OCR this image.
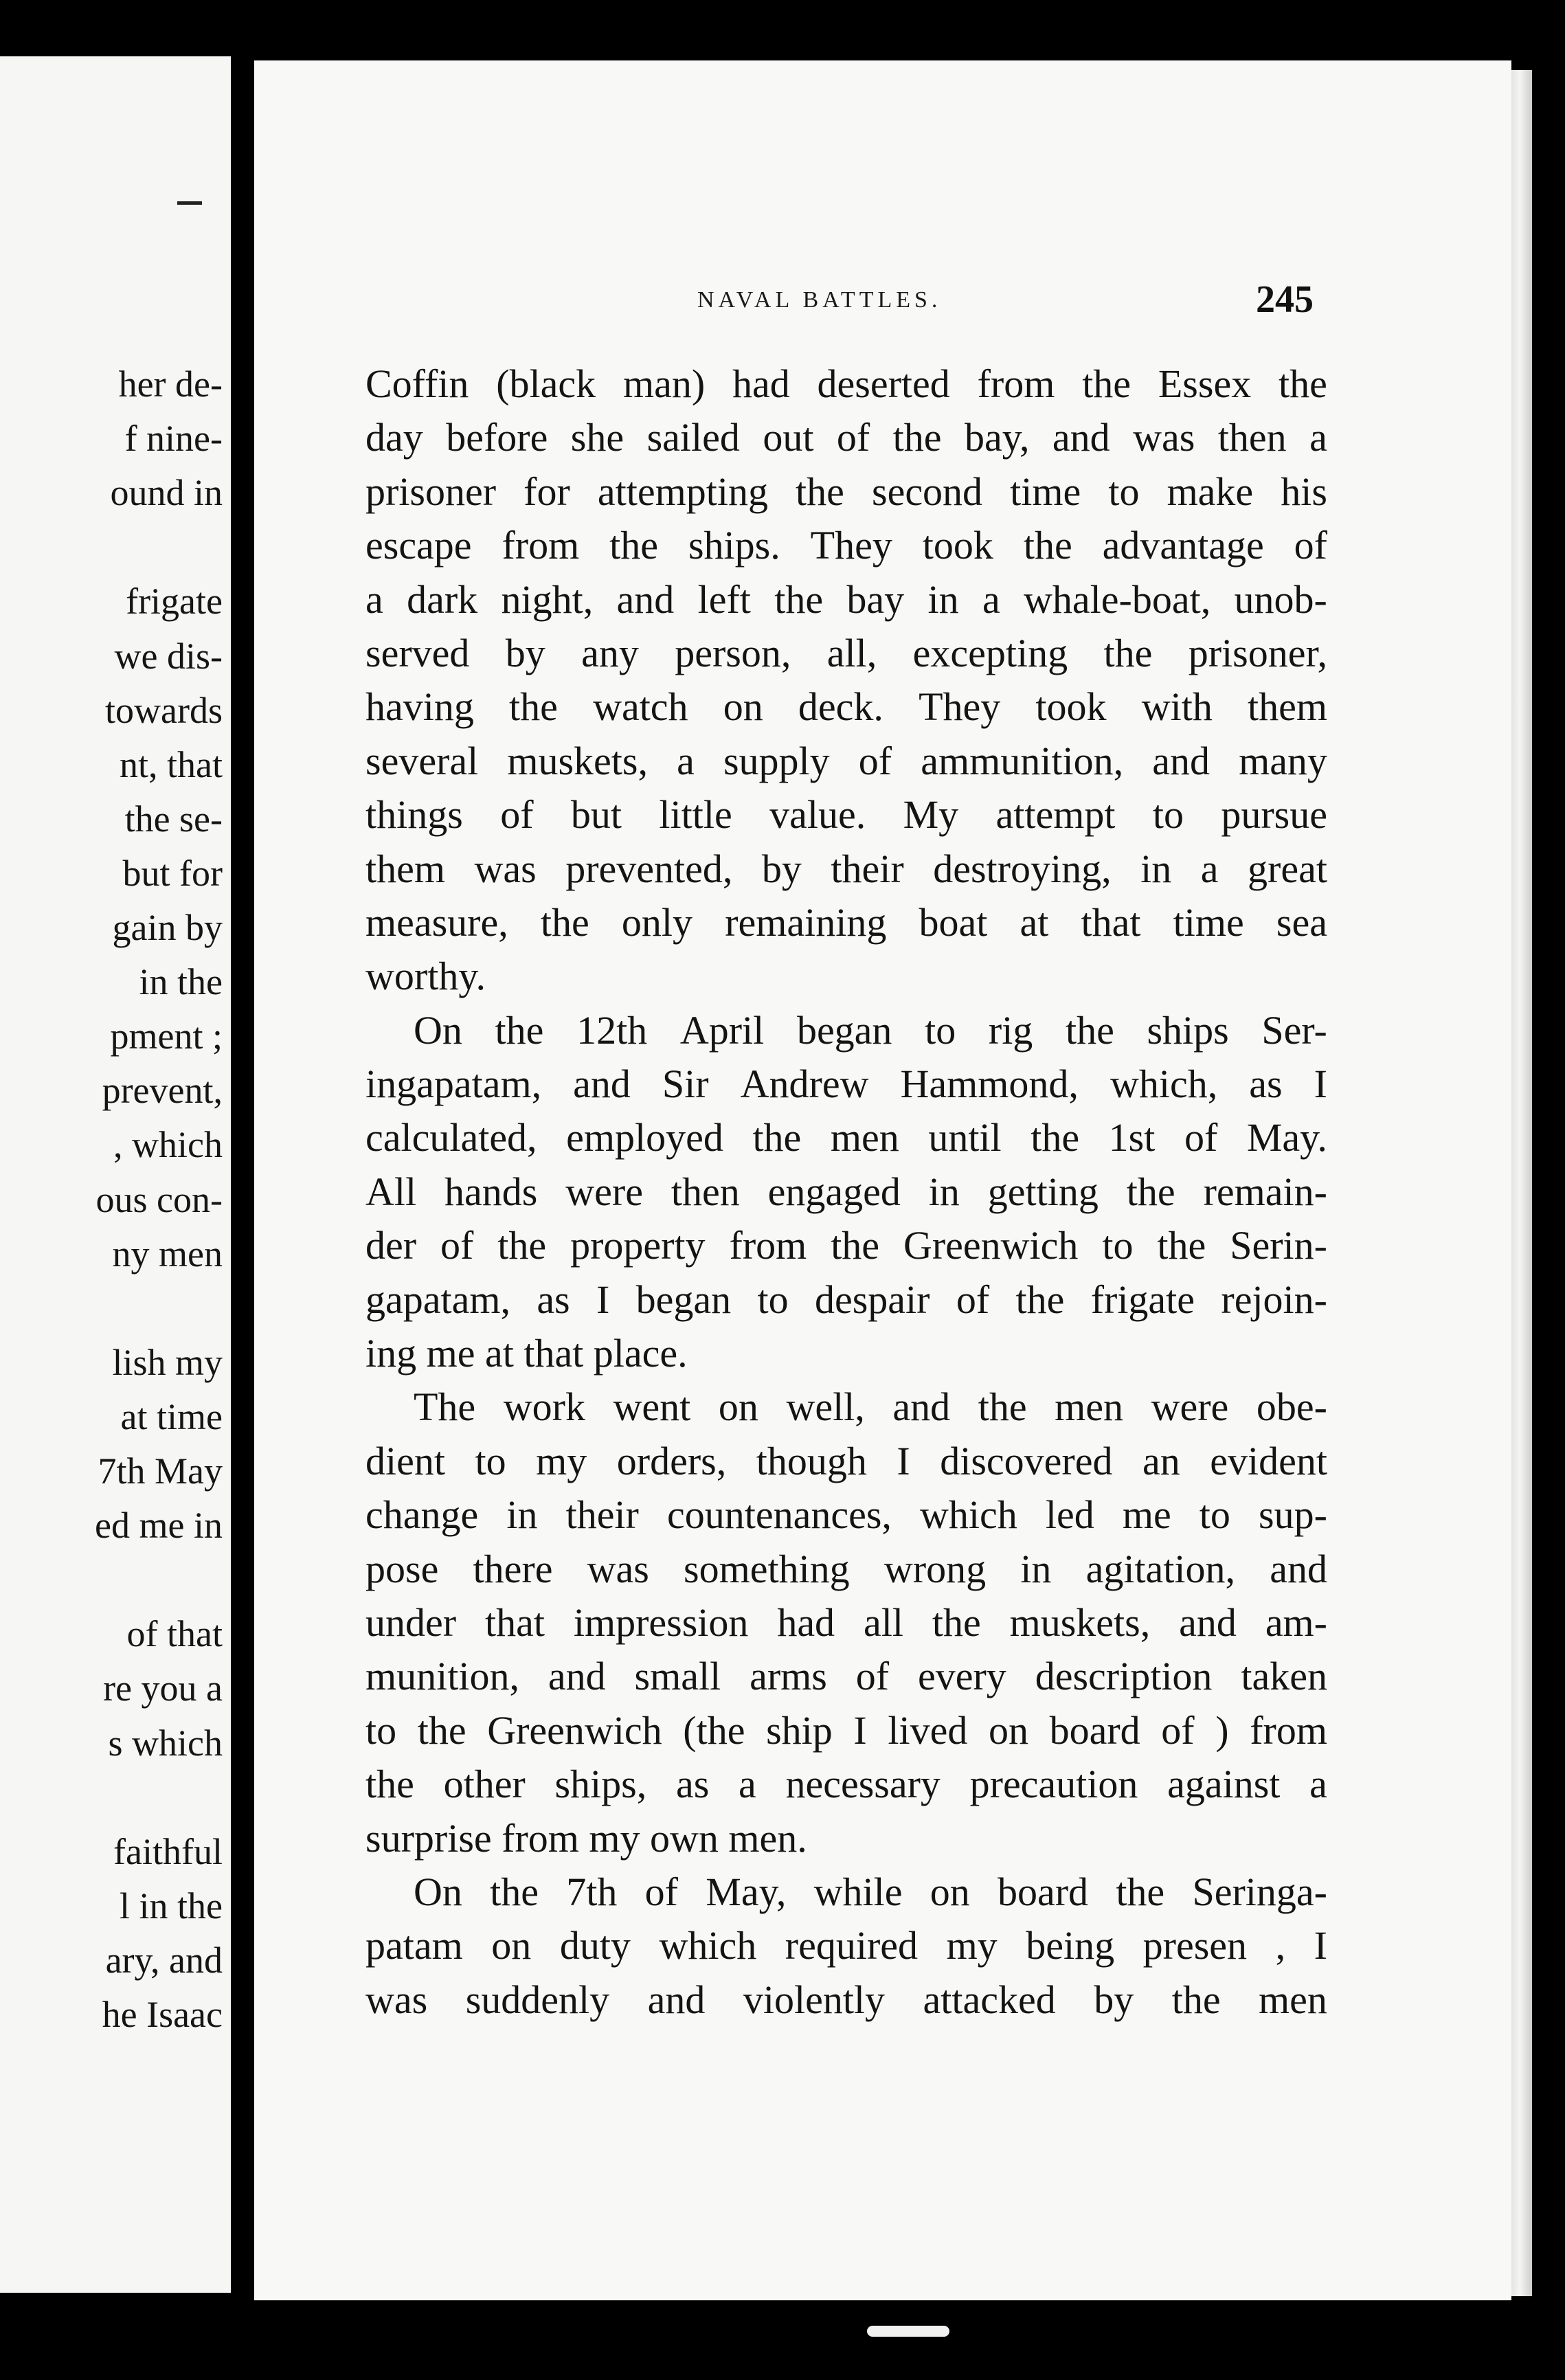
her de-
f nine-
ound in
frigate
we dis-
towards
nt, that
the se-
but for
gain by
in the
pment ;
prevent,
, which
ous con-
ny men
lish my
at time
7th May
ed me in
of that
re you a
s which
faithful
l in the
ary, and
he Isaac
NAVAL BATTLES.	245
Coffin (black man) had deserted from the Essex the
day before she sailed out of the bay, and was then a
prisoner for attempting the second time to make his
escape from the ships. They took the advantage of
a dark night, and left the bay in a whale-boat, unob-
served by any person, all, excepting the prisoner,
having the watch on deck. They took with them
several muskets, a supply of ammunition, and many
things of but little value. My attempt to pursue
them was prevented, by their destroying, in a great
measure, the only remaining boat at that time sea
worthy.
On the 12th April began to rig the ships Ser-
ingapatam, and Sir Andrew Hammond, which, as I
calculated, employed the men until the 1st of May.
All hands were then engaged in getting the remain-
der of the property from the Greenwich to the Serin-
gapatam, as I began to despair of the frigate rejoin-
ing me at that place.
The work went on well, and the men were obe-
dient to my orders, though I discovered an evident
change in their countenances, which led me to sup-
pose there was something wrong in agitation, and
under that impression had all the muskets, and am-
munition, and small arms of every description taken
to the Greenwich (the ship I lived on board of ) from
the other ships, as a necessary precaution against a
surprise from my own men.
On the 7th of May, while on board the Seringa-
patam on duty which required my being presen , I
was suddenly and violently attacked by the men
